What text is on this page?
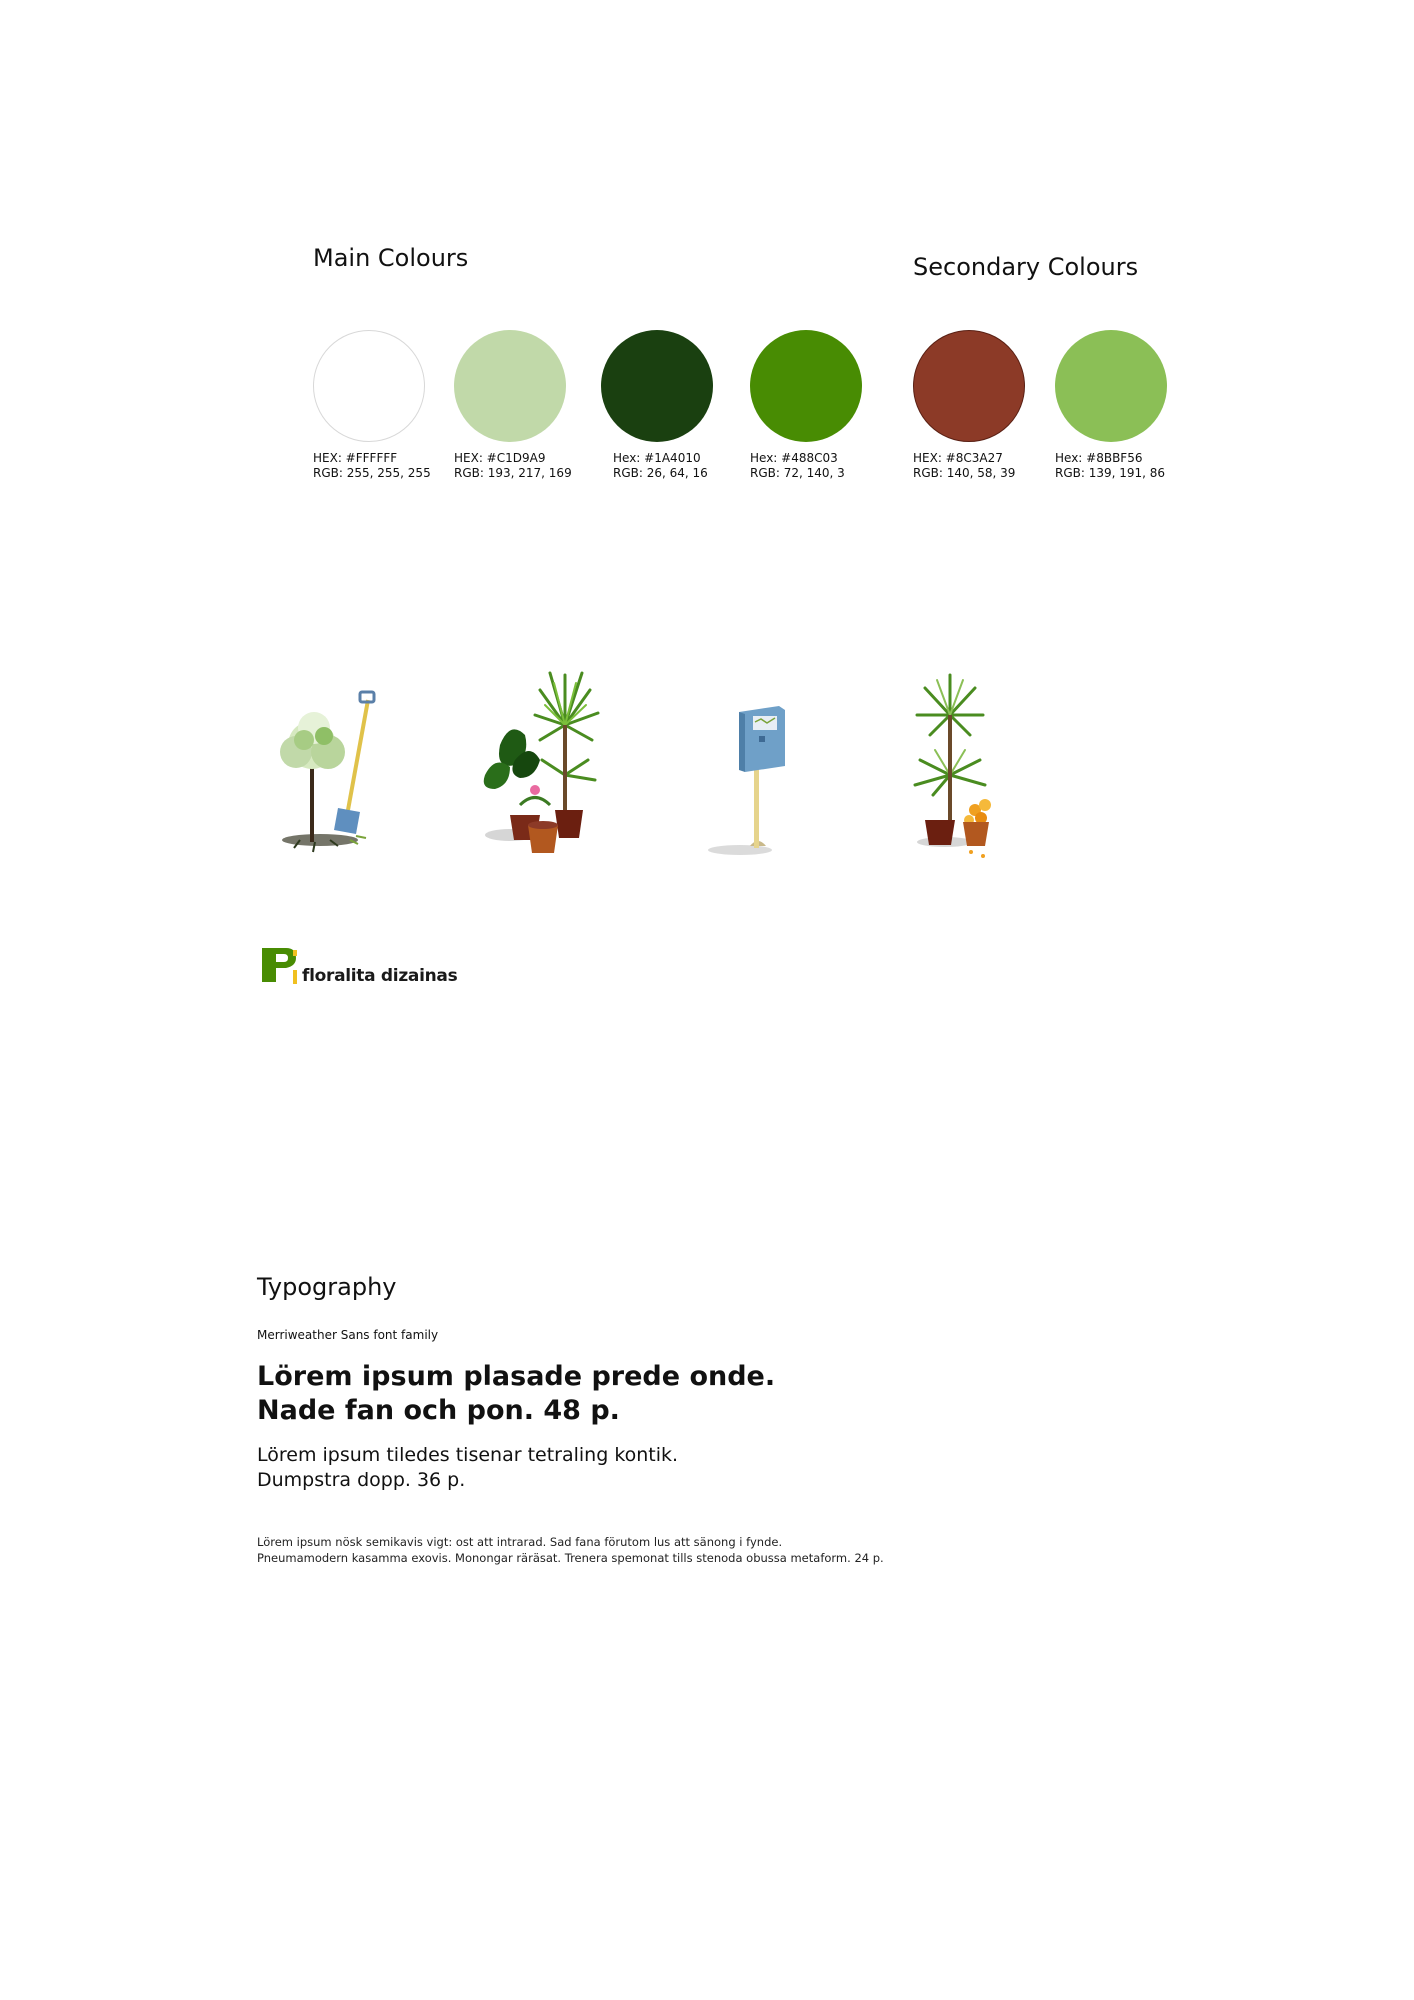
Main Colours	Secondary Colours
HEX: #FFFFFF
RGB: 255, 255, 255
HEX: #C1D9A9
RGB: 193, 217, 169
Hex: #1A4010
RGB: 26, 64, 16
Hex: #488C03
RGB: 72, 140, 3
HEX: #8C3A27
RGB: 140, 58, 39
Hex: #8BBF56
RGB: 139, 191, 86
floralita dizainas
Typography
Merriweather Sans font family
Lörem ipsum plasade prede onde.
Nade fan och pon. 48 p.
Lörem ipsum tiledes tisenar tetraling kontik.
Dumpstra dopp. 36 p.
Lörem ipsum nösk semikavis vigt: ost att intrarad. Sad fana förutom lus att sänong i fynde.
Pneumamodern kasamma exovis. Monongar räräsat. Trenera spemonat tills stenoda obussa metaform. 24 p.
